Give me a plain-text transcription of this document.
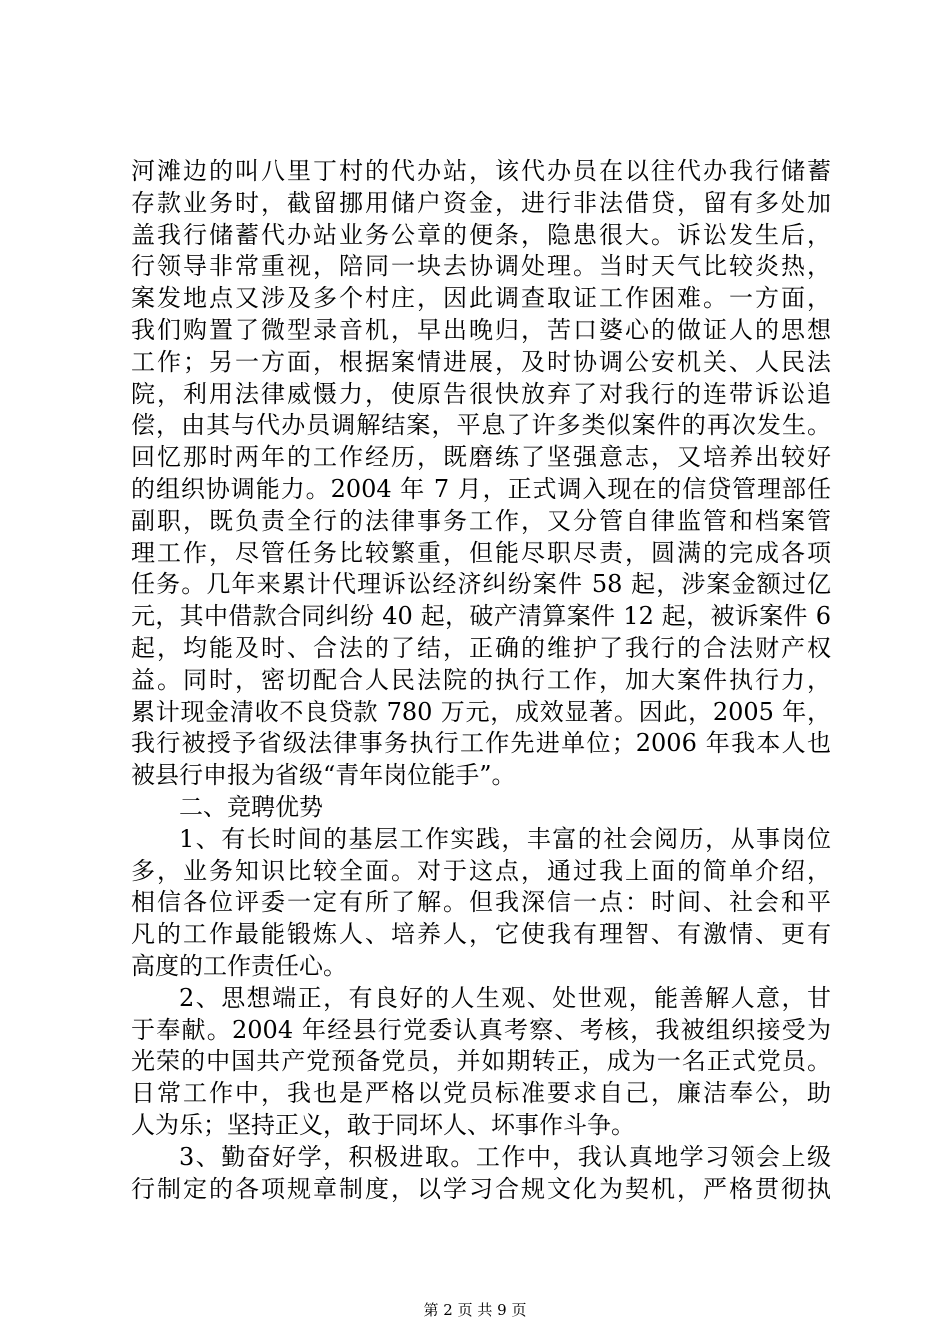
河滩边的叫八里丁村的代办站，该代办员在以往代办我行储蓄
存款业务时，截留挪用储户资金，进行非法借贷，留有多处加
盖我行储蓄代办站业务公章的便条，隐患很大。诉讼发生后，
行领导非常重视，陪同一块去协调处理。当时天气比较炎热，
案发地点又涉及多个村庄，因此调查取证工作困难。一方面，
我们购置了微型录音机，早出晚归，苦口婆心的做证人的思想
工作；另一方面，根据案情进展，及时协调公安机关、人民法
院，利用法律威慑力，使原告很快放弃了对我行的连带诉讼追
偿，由其与代办员调解结案，平息了许多类似案件的再次发生。
回忆那时两年的工作经历，既磨练了坚强意志，又培养出较好
的组织协调能力。2004 年 7 月，正式调入现在的信贷管理部任
副职，既负责全行的法律事务工作，又分管自律监管和档案管
理工作，尽管任务比较繁重，但能尽职尽责，圆满的完成各项
任务。几年来累计代理诉讼经济纠纷案件 58 起，涉案金额过亿
元，其中借款合同纠纷 40 起，破产清算案件 12 起，被诉案件 6
起，均能及时、合法的了结，正确的维护了我行的合法财产权
益。同时，密切配合人民法院的执行工作，加大案件执行力，
累计现金清收不良贷款 780 万元，成效显著。因此，2005 年，
我行被授予省级法律事务执行工作先进单位；2006 年我本人也
被县行申报为省级“青年岗位能手”。
二、竞聘优势
1、有长时间的基层工作实践，丰富的社会阅历，从事岗位
多，业务知识比较全面。对于这点，通过我上面的简单介绍，
相信各位评委一定有所了解。但我深信一点：时间、社会和平
凡的工作最能锻炼人、培养人，它使我有理智、有激情、更有
高度的工作责任心。
2、思想端正，有良好的人生观、处世观，能善解人意，甘
于奉献。2004 年经县行党委认真考察、考核，我被组织接受为
光荣的中国共产党预备党员，并如期转正，成为一名正式党员。
日常工作中，我也是严格以党员标准要求自己，廉洁奉公，助
人为乐；坚持正义，敢于同坏人、坏事作斗争。
3、勤奋好学，积极进取。工作中，我认真地学习领会上级
行制定的各项规章制度，以学习合规文化为契机，严格贯彻执
第 2 页 共 9 页
